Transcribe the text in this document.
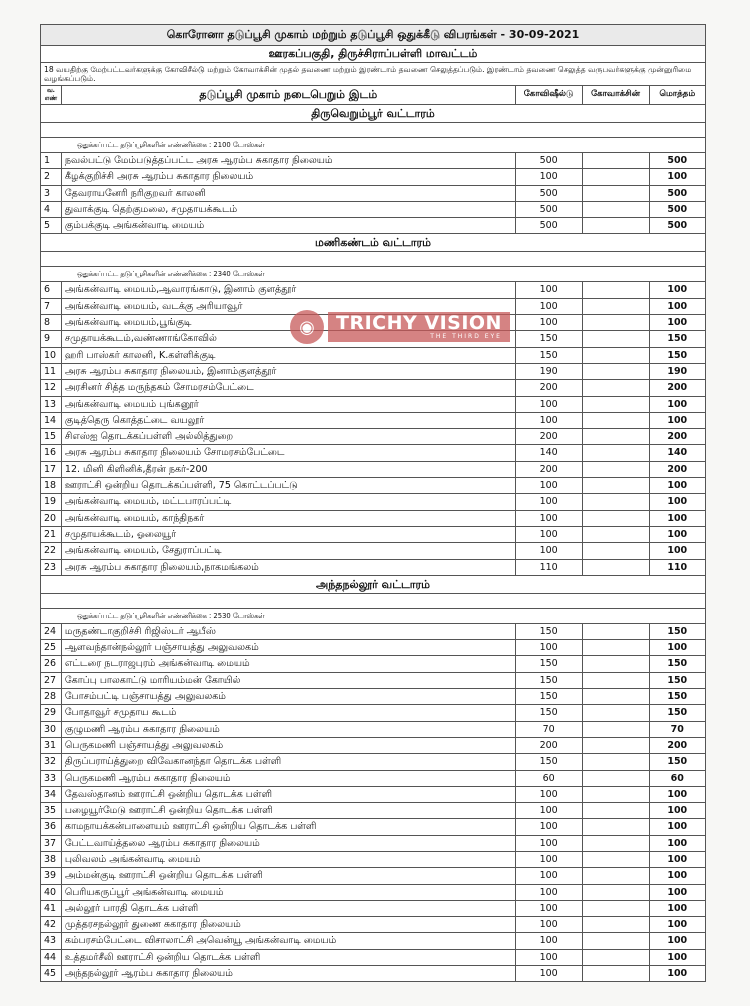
கொரோனா தடுப்பூசி முகாம் மற்றும் தடுப்பூசி ஒதுக்கீடு விபரங்கள் - 30-09-2021				
ஊரகப்பகுதி, திருச்சிராப்பள்ளி மாவட்டம்				
18 வயதிற்கு மேற்பட்டவர்களுக்கு கோவிசீல்டு மற்றும் கோவாக்சின் முதல் தவணை மற்றும் இரண்டாம் தவணை செலுத்தப்படும். இரண்டாம் தவணை செலுத்த வருபவர்களுக்கு முன்னுரிமை வழங்கப்படும்.				
வ. எண்	தடுப்பூசி முகாம் நடைபெறும் இடம்	கோவிஷீல்டு	கோவாக்சின்	மொத்தம்
திருவெறும்பூர் வட்டாரம்				

ஒதுக்கப்பட்ட தடுப்பூசிகளின் எண்ணிக்கை : 2100 டோஸ்கள்				
1	நவல்பட்டு மேம்படுத்தப்பட்ட அரசு ஆரம்ப சுகாதார நிலையம்	500		500
2	கீழக்குறிச்சி அரசு ஆரம்ப சுகாதார நிலையம்	100		100
3	தேவராயனேரி நரிகுறவர் காலனி	500		500
4	துவாக்குடி தெற்குமலை, சமுதாயக்கூடம்	500		500
5	கும்பக்குடி அங்கன்வாடி மையம்	500		500
மணிகண்டம் வட்டாரம்				

ஒதுக்கப்பட்ட தடுப்பூசிகளின் எண்ணிக்கை : 2340 டோஸ்கள்				
6	அங்கன்வாடி மையம்,ஆவாரங்காடு, இனாம் குளத்தூர்	100		100
7	அங்கன்வாடி மையம், வடக்கு அரியாவூர்	100		100
8	அங்கன்வாடி மையம்,பூங்குடி	100		100
9	சமுதாயக்கூடம்,வண்ணாங்கோவில்	150		150
10	ஹரி பாஸ்கர் காலனி, K.கள்ளிக்குடி	150		150
11	அரசு ஆரம்ப சுகாதார நிலையம், இனாம்குளத்தூர்	190		190
12	அரசினர் சித்த மருந்தகம் சோமரசம்பேட்டை	200		200
13	அங்கன்வாடி மையம் புங்கனூர்	100		100
14	குடித்தெரு கொத்தட்டை வயலூர்	100		100
15	சிஎஸ்ஐ தொடக்கப்பள்ளி அல்லித்துறை	200		200
16	அரசு ஆரம்ப சுகாதார நிலையம் சோமரசம்பேட்டை	140		140
17	12. மினி கிளினிக்,தீரன் நகர்-200	200		200
18	ஊராட்சி ஒன்றிய தொடக்கப்பள்ளி, 75 கொட்டப்பட்டு	100		100
19	அங்கன்வாடி மையம், மட்டபாரப்பட்டி	100		100
20	அங்கன்வாடி மையம், காந்திநகர்	100		100
21	சமுதாயக்கூடம், ஓலையூர்	100		100
22	அங்கன்வாடி மையம், சேதுராப்பட்டி	100		100
23	அரசு ஆரம்ப சுகாதார நிலையம்,நாகமங்கலம்	110		110
அந்தநல்லூர் வட்டாரம்				

ஒதுக்கப்பட்ட தடுப்பூசிகளின் எண்ணிக்கை : 2530 டோஸ்கள்				
24	மருதண்டாகுறிச்சி ரிஜிஸ்டர் ஆபீஸ்	150		150
25	ஆளவந்தான்நல்லூர் பஞ்சாயத்து அலுவலகம்	100		100
26	எட்டரை நடராஜபுரம் அங்கன்வாடி மையம்	150		150
27	கோப்பு பாலகாட்டு மாரியம்மன் கோயில்	150		150
28	போசம்பட்டி பஞ்சாயத்து அலுவலகம்	150		150
29	போதாவூர் சமுதாய கூடம்	150		150
30	குழுமணி ஆரம்ப சுகாதார நிலையம்	70		70
31	பெருகமணி பஞ்சாயத்து அலுவலகம்	200		200
32	திருப்பராய்த்துறை விவேகானந்தா தொடக்க பள்ளி	150		150
33	பெருகமணி ஆரம்ப சுகாதார நிலையம்	60		60
34	தேவஸ்தானம் ஊராட்சி ஒன்றிய தொடக்க பள்ளி	100		100
35	பழையூர்மேடு ஊராட்சி ஒன்றிய தொடக்க பள்ளி	100		100
36	காமநாயக்கன்பாளையம் ஊராட்சி ஒன்றிய தொடக்க பள்ளி	100		100
37	பேட்டவாய்த்தலை ஆரம்ப சுகாதார நிலையம்	100		100
38	புலிவலம் அங்கன்வாடி மையம்	100		100
39	அம்மன்குடி ஊராட்சி ஒன்றிய தொடக்க பள்ளி	100		100
40	பெரியகருப்பூர் அங்கன்வாடி மையம்	100		100
41	அல்லூர் பாரதி தொடக்க பள்ளி	100		100
42	முத்தரசநல்லூர் துணை சுகாதார நிலையம்	100		100
43	கம்பரசம்பேட்டை விசாலாட்சி அவென்யூ அங்கன்வாடி மையம்	100		100
44	உத்தமர்சீலி ஊராட்சி ஒன்றிய தொடக்க பள்ளி	100		100
45	அந்தநல்லூர் ஆரம்ப சுகாதார நிலையம்	100		100
◉	TRICHY VISION
THE THIRD EYE
